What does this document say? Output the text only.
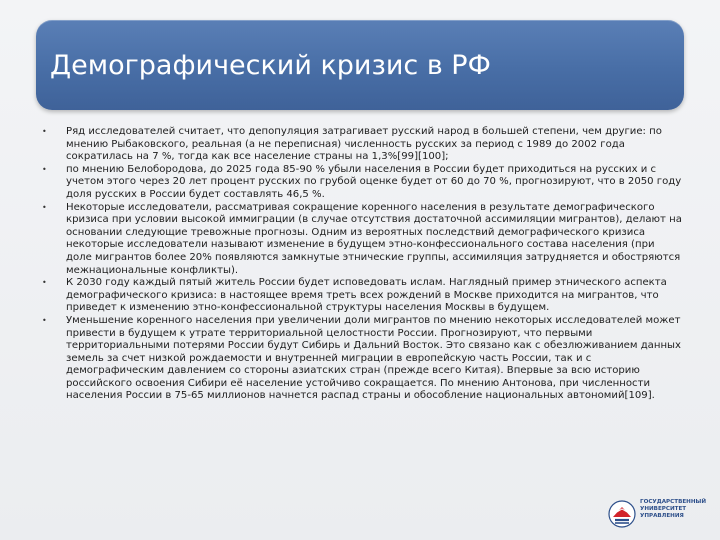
Демографический кризис в РФ
• Ряд исследователей считает, что депопуляция затрагивает русский народ в большей степени, чем другие: по мнению Рыбаковского, реальная (а не переписная) численность русских за период с 1989 до 2002 года сократилась на 7 %, тогда как все население страны на 1,3%[99][100];
• по мнению Белобородова, до 2025 года 85-90 % убыли населения в России будет приходиться на русских и с учетом этого через 20 лет процент русских по грубой оценке будет от 60 до 70 %, прогнозируют, что в 2050 году доля русских в России будет составлять 46,5 %.
• Некоторые исследователи, рассматривая сокращение коренного населения в результате демографического кризиса при условии высокой иммиграции (в случае отсутствия достаточной ассимиляции мигрантов), делают на основании следующие тревожные прогнозы. Одним из вероятных последствий демографического кризиса некоторые исследователи называют изменение в будущем этно-конфессионального состава населения (при доле мигрантов более 20% появляются замкнутые этнические группы, ассимиляция затрудняется и обостряются межнациональные конфликты).
• К 2030 году каждый пятый житель России будет исповедовать ислам. Наглядный пример этнического аспекта демографического кризиса: в настоящее время треть всех рождений в Москве приходится на мигрантов, что приведет к изменению этно-конфессиональной структуры населения Москвы в будущем.
• Уменьшение коренного населения при увеличении доли мигрантов по мнению некоторых исследователей может привести в будущем к утрате территориальной целостности России. Прогнозируют, что первыми территориальными потерями России будут Сибирь и Дальний Восток. Это связано как с обезлюживанием данных земель за счет низкой рождаемости и внутренней миграции в европейскую часть России, так и с демографическим давлением со стороны азиатских стран (прежде всего Китая). Впервые за всю историю российского освоения Сибири её население устойчиво сокращается. По мнению Антонова, при численности населения России в 75-65 миллионов начнется распад страны и обособление национальных автономий[109].
ГОСУДАРСТВЕННЫЙ
УНИВЕРСИТЕТ
УПРАВЛЕНИЯ
